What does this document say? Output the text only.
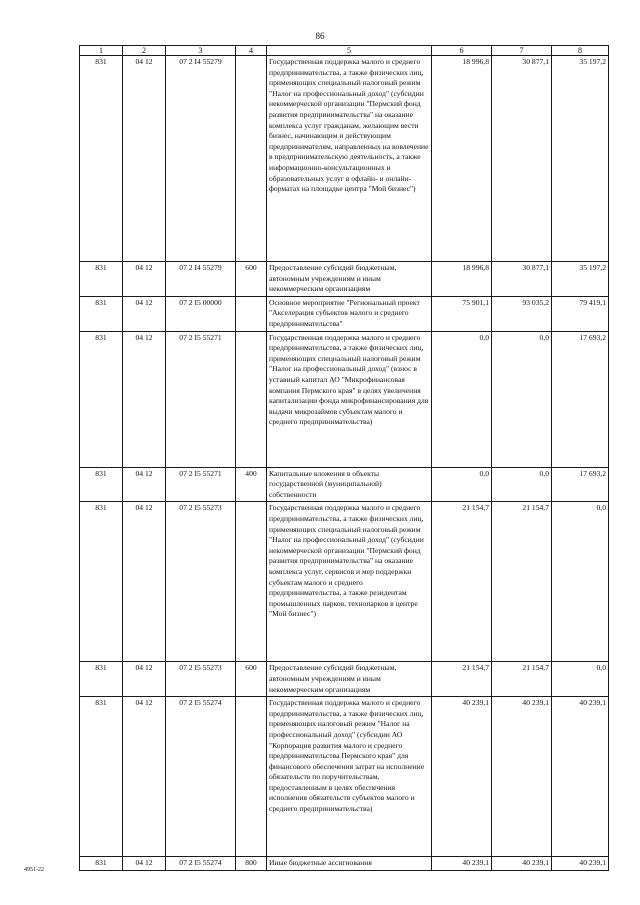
86
1	2	3	4	5	6	7	8
831	04 12	07 2 I4 55279		Государственная поддержка малого и среднего предпринимательства, а также физических лиц, применяющих специальный налоговый режим "Налог на профессиональный доход" (субсидии некоммерческой организации "Пермский фонд развития предпринимательства" на оказание комплекса услуг гражданам, желающим вести бизнес, начинающим и действующим предпринимателям, направленных на вовлечение в предпринимательскую деятельность, а также информационно-консультационных и образовательных услуг в офлайн- и онлайн-форматах на площадке центра "Мой бизнес")	18 996,8	30 877,1	35 197,2
831	04 12	07 2 I4 55279	600	Предоставление субсидий бюджетным, автономным учреждениям и иным некоммерческим организациям	18 996,8	30 877,1	35 197,2
831	04 12	07 2 I5 00000		Основное мероприятие "Региональный проект "Акселерация субъектов малого и среднего предпринимательства"	75 901,1	93 035,2	79 419,1
831	04 12	07 2 I5 55271		Государственная поддержка малого и среднего предпринимательства, а также физических лиц, применяющих специальный налоговый режим "Налог на профессиональный доход" (взнос в уставный капитал АО "Микрофинансовая компания Пермского края" в целях увеличения капитализации фонда микрофинансирования для выдачи микрозаймов субъектам малого и среднего предпринимательства)	0,0	0,0	17 693,2
831	04 12	07 2 I5 55271	400	Капитальные вложения в объекты государственной (муниципальной) собственности	0,0	0,0	17 693,2
831	04 12	07 2 I5 55273		Государственная поддержка малого и среднего предпринимательства, а также физических лиц, применяющих специальный налоговый режим "Налог на профессиональный доход" (субсидии некоммерческой организации "Пермский фонд развития предпринимательства" на оказание комплекса услуг, сервисов и мер поддержки субъектам малого и среднего предпринимательства, а также резидентам промышленных парков, технопарков в центре "Мой бизнес")	21 154,7	21 154,7	0,0
831	04 12	07 2 I5 55273	600	Предоставление субсидий бюджетным, автономным учреждениям и иным некоммерческим организациям	21 154,7	21 154,7	0,0
831	04 12	07 2 I5 55274		Государственная поддержка малого и среднего предпринимательства, а также физических лиц, применяющих налоговый режим "Налог на профессиональный доход" (субсидии АО "Корпорация развития малого и среднего предпринимательства Пермского края" для финансового обеспечения затрат на исполнение обязательств по поручительствам, предоставленным в целях обеспечения исполнения обязательств субъектов малого и среднего предпринимательства)	40 239,1	40 239,1	40 239,1
831	04 12	07 2 I5 55274	800	Иные бюджетные ассигнования	40 239,1	40 239,1	40 239,1
4951-22
